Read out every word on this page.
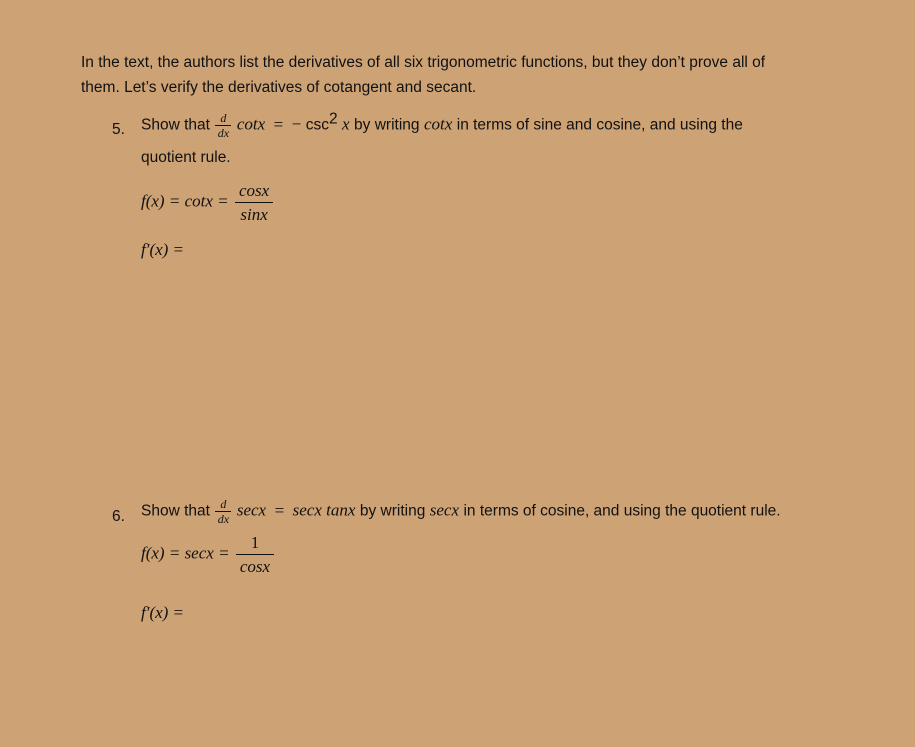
In the text, the authors list the derivatives of all six trigonometric functions, but they don’t prove all of
them. Let’s verify the derivatives of cotangent and secant.
5. Show that $\frac{d}{dx}$ cotx = − $\csc^2 x$ by writing cotx in terms of sine and cosine, and using the
quotient rule.
$f(x) = \cot x = \frac{\cos x}{\sin x}$
f′(x) =
6. Show that $\frac{d}{dx}$ secx = secx tanx by writing secx in terms of cosine, and using the quotient rule.
$f(x) = \sec x = \frac{1}{\cos x}$
f′(x) =
